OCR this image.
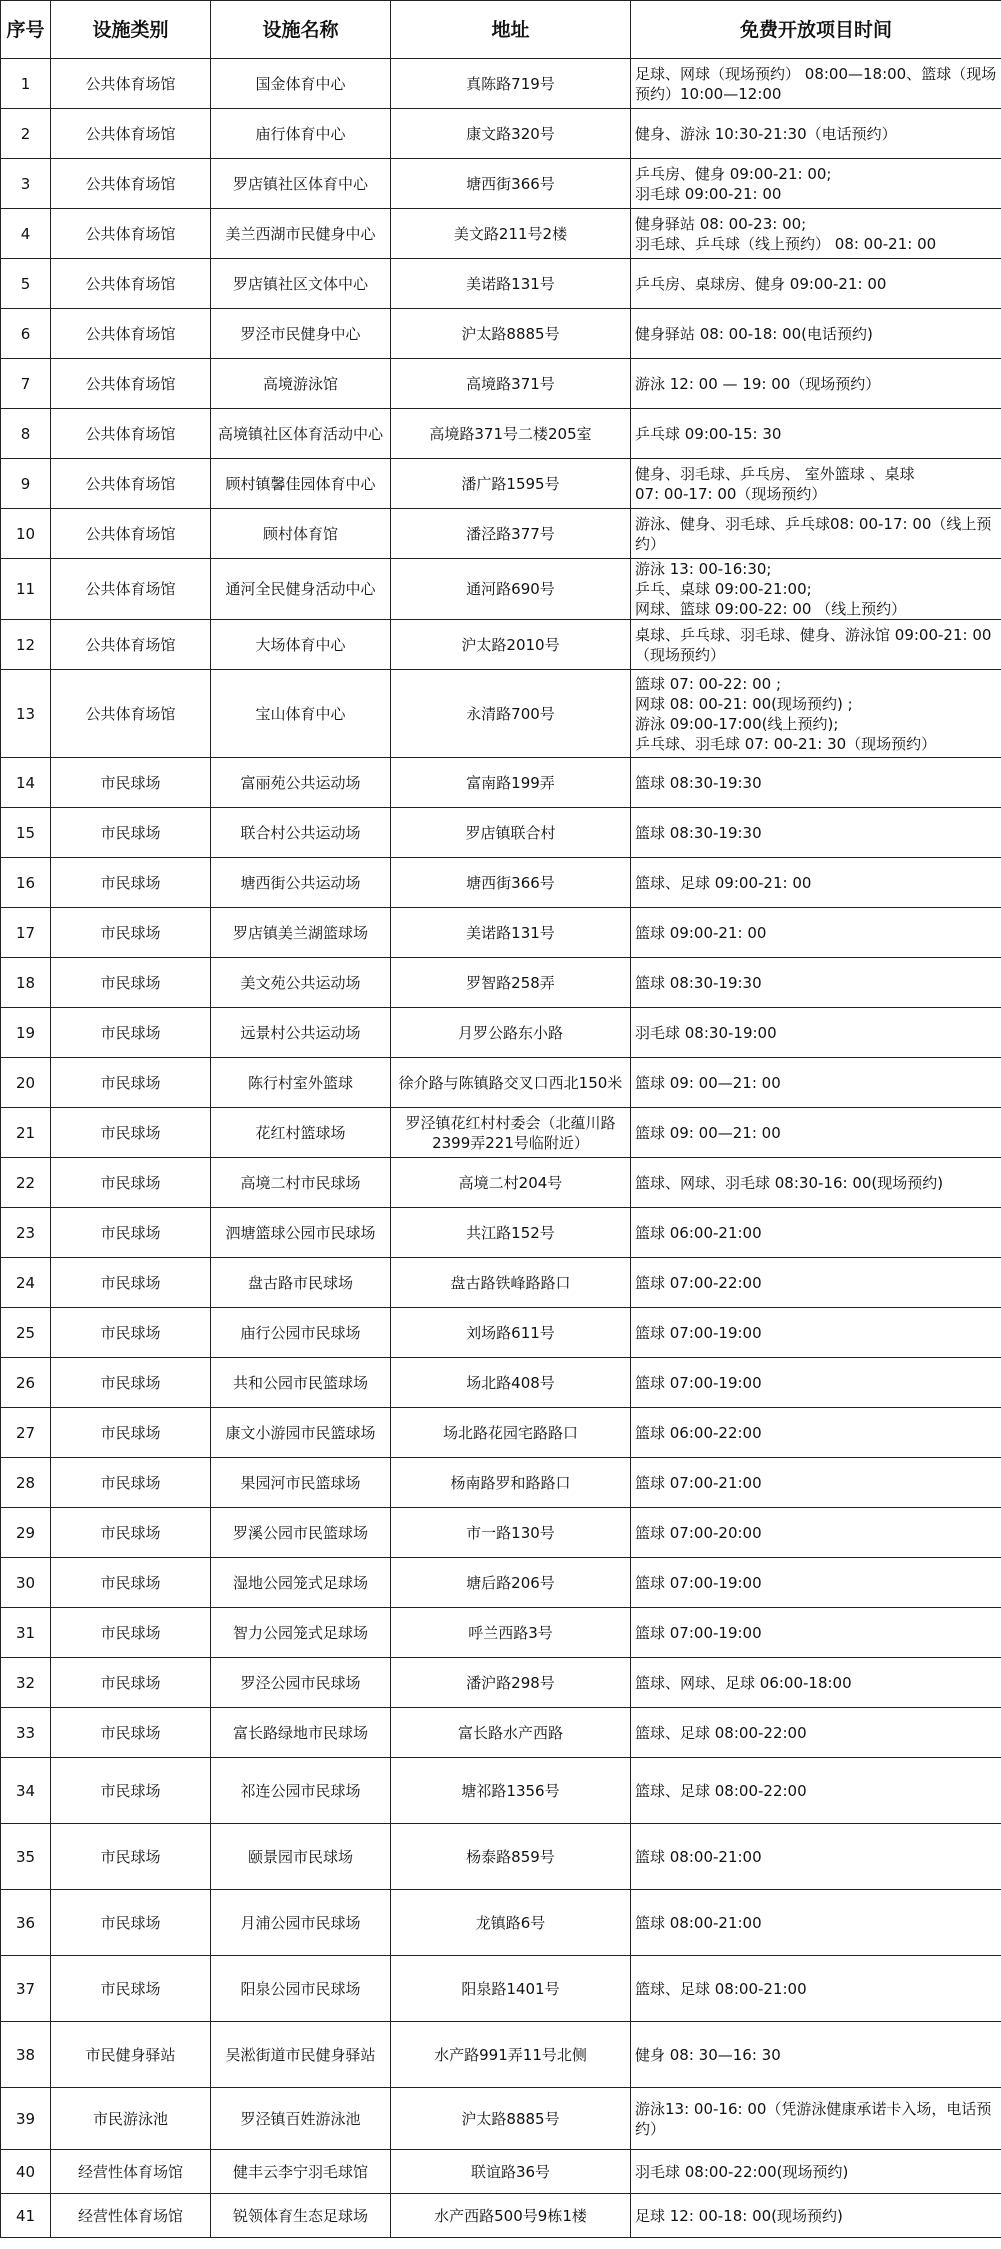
序号	设施类别	设施名称	地址	免费开放项目时间
1	公共体育场馆	国金体育中心	真陈路719号	足球、网球（现场预约） 08:00—18:00、篮球（现场预约）10:00—12:00
2	公共体育场馆	庙行体育中心	康文路320号	健身、游泳 10:30-21:30（电话预约）
3	公共体育场馆	罗店镇社区体育中心	塘西街366号	乒乓房、健身 09:00-21: 00;
羽毛球 09:00-21: 00
4	公共体育场馆	美兰西湖市民健身中心	美文路211号2楼	健身驿站 08: 00-23: 00;
羽毛球、乒乓球（线上预约） 08: 00-21: 00
5	公共体育场馆	罗店镇社区文体中心	美诺路131号	乒乓房、桌球房、健身 09:00-21: 00
6	公共体育场馆	罗泾市民健身中心	沪太路8885号	健身驿站 08: 00-18: 00(电话预约)
7	公共体育场馆	高境游泳馆	高境路371号	游泳 12: 00 — 19: 00（现场预约）
8	公共体育场馆	高境镇社区体育活动中心	高境路371号二楼205室	乒乓球 09:00-15: 30
9	公共体育场馆	顾村镇馨佳园体育中心	潘广路1595号	健身、羽毛球、乒乓房、 室外篮球 、桌球
07: 00-17: 00（现场预约）
10	公共体育场馆	顾村体育馆	潘泾路377号	游泳、健身、羽毛球、乒乓球08: 00-17: 00（线上预约）
11	公共体育场馆	通河全民健身活动中心	通河路690号	游泳 13: 00-16:30;
乒乓、桌球 09:00-21:00;
网球、篮球 09:00-22: 00 （线上预约）
12	公共体育场馆	大场体育中心	沪太路2010号	桌球、乒乓球、羽毛球、健身、游泳馆 09:00-21: 00（现场预约）
13	公共体育场馆	宝山体育中心	永清路700号	篮球 07: 00-22: 00 ;
网球 08: 00-21: 00(现场预约) ;
游泳 09:00-17:00(线上预约);
乒乓球、羽毛球 07: 00-21: 30（现场预约）
14	市民球场	富丽苑公共运动场	富南路199弄	篮球 08:30-19:30
15	市民球场	联合村公共运动场	罗店镇联合村	篮球 08:30-19:30
16	市民球场	塘西街公共运动场	塘西街366号	篮球、足球 09:00-21: 00
17	市民球场	罗店镇美兰湖篮球场	美诺路131号	篮球 09:00-21: 00
18	市民球场	美文苑公共运动场	罗智路258弄	篮球 08:30-19:30
19	市民球场	远景村公共运动场	月罗公路东小路	羽毛球 08:30-19:00
20	市民球场	陈行村室外篮球	徐介路与陈镇路交叉口西北150米	篮球 09: 00—21: 00
21	市民球场	花红村篮球场	罗泾镇花红村村委会（北蕴川路2399弄221号临附近）	篮球 09: 00—21: 00
22	市民球场	高境二村市民球场	高境二村204号	篮球、网球、羽毛球 08:30-16: 00(现场预约)
23	市民球场	泗塘篮球公园市民球场	共江路152号	篮球 06:00-21:00
24	市民球场	盘古路市民球场	盘古路铁峰路路口	篮球 07:00-22:00
25	市民球场	庙行公园市民球场	刘场路611号	篮球 07:00-19:00
26	市民球场	共和公园市民篮球场	场北路408号	篮球 07:00-19:00
27	市民球场	康文小游园市民篮球场	场北路花园宅路路口	篮球 06:00-22:00
28	市民球场	果园河市民篮球场	杨南路罗和路路口	篮球 07:00-21:00
29	市民球场	罗溪公园市民篮球场	市一路130号	篮球 07:00-20:00
30	市民球场	湿地公园笼式足球场	塘后路206号	篮球 07:00-19:00
31	市民球场	智力公园笼式足球场	呼兰西路3号	篮球 07:00-19:00
32	市民球场	罗泾公园市民球场	潘沪路298号	篮球、网球、足球 06:00-18:00
33	市民球场	富长路绿地市民球场	富长路水产西路	篮球、足球 08:00-22:00
34	市民球场	祁连公园市民球场	塘祁路1356号	篮球、足球 08:00-22:00
35	市民球场	颐景园市民球场	杨泰路859号	篮球 08:00-21:00
36	市民球场	月浦公园市民球场	龙镇路6号	篮球 08:00-21:00
37	市民球场	阳泉公园市民球场	阳泉路1401号	篮球、足球 08:00-21:00
38	市民健身驿站	吴淞街道市民健身驿站	水产路991弄11号北侧	健身 08: 30—16: 30
39	市民游泳池	罗泾镇百姓游泳池	沪太路8885号	游泳13: 00-16: 00（凭游泳健康承诺卡入场，电话预约）
40	经营性体育场馆	健丰云李宁羽毛球馆	联谊路36号	羽毛球 08:00-22:00(现场预约)
41	经营性体育场馆	锐领体育生态足球场	水产西路500号9栋1楼	足球 12: 00-18: 00(现场预约)
